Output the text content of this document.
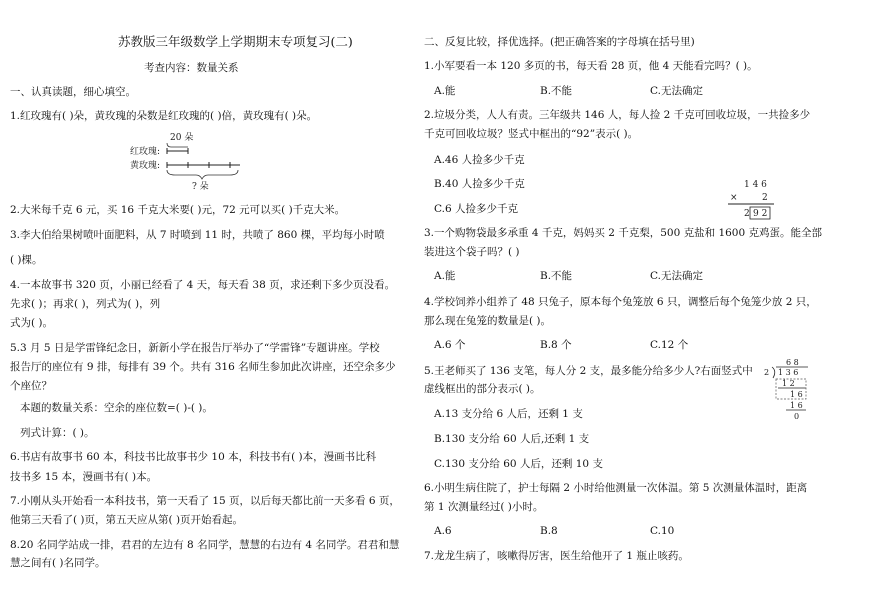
苏教版三年级数学上学期期末专项复习(二)
考查内容：数量关系
一、认真读题，细心填空。
1.红玫瑰有( )朵，黄玫瑰的朵数是红玫瑰的( )倍，黄玫瑰有( )朵。
20 朵
红玫瑰:
黄玫瑰:
? 朵
2.大米每千克 6 元，买 16 千克大米要( )元，72 元可以买( )千克大米。
3.李大伯给果树喷叶面肥料，从 7 时喷到 11 时，共喷了 860 棵，平均每小时喷
( )棵。
4.一本故事书 320 页，小丽已经看了 4 天，每天看 38 页，求还剩下多少页没看。
先求( )；再求( )，列式为( )，列
式为( )。
5.3 月 5 日是学雷锋纪念日，新新小学在报告厅举办了“学雷锋”专题讲座。学校
报告厅的座位有 9 排，每排有 39 个。共有 316 名师生参加此次讲座，还空余多少
个座位？
本题的数量关系：空余的座位数=( )-( )。
列式计算：( )。
6.书店有故事书 60 本，科技书比故事书少 10 本，科技书有( )本，漫画书比科
技书多 15 本，漫画书有( )本。
7.小刚从头开始看一本科技书，第一天看了 15 页，以后每天都比前一天多看 6 页，
他第三天看了( )页，第五天应从第( )页开始看起。
8.20 名同学站成一排，君君的左边有 8 名同学，慧慧的右边有 4 名同学。君君和慧
慧之间有( )名同学。
二、反复比较，择优选择。(把正确答案的字母填在括号里)
1.小军要看一本 120 多页的书，每天看 28 页，他 4 天能看完吗？( )。
A.能	B.不能	C.无法确定
2.垃圾分类，人人有责。三年级共 146 人，每人捡 2 千克可回收垃圾，一共捡多少
千克可回收垃圾？竖式中框出的“92”表示( )。
A.46 人捡多少千克
B.40 人捡多少千克
C.6 人捡多少千克
1 4 6
×	2
2 9 2
3.一个购物袋最多承重 4 千克，妈妈买 2 千克梨，500 克盐和 1600 克鸡蛋。能全部
装进这个袋子吗？( )
A.能	B.不能	C.无法确定
4.学校饲养小组养了 48 只兔子，原本每个兔笼放 6 只，调整后每个兔笼少放 2 只，
那么现在兔笼的数量是( )。
A.6 个	B.8 个	C.12 个
5.王老师买了 136 支笔，每人分 2 支，最多能分给多少人?右面竖式中
虚线框出的部分表示( )。
A.13 支分给 6 人后，还剩 1 支
B.130 支分给 60 人后,还剩 1 支
C.130 支分给 60 人后，还剩 10 支
6 8
2 1 3 6
1 2
1 6
1 6
0
6.小明生病住院了，护士每隔 2 小时给他测量一次体温。第 5 次测量体温时，距离
第 1 次测量经过( )小时。
A.6	B.8	C.10
7.龙龙生病了，咳嗽得厉害，医生给他开了 1 瓶止咳药。
